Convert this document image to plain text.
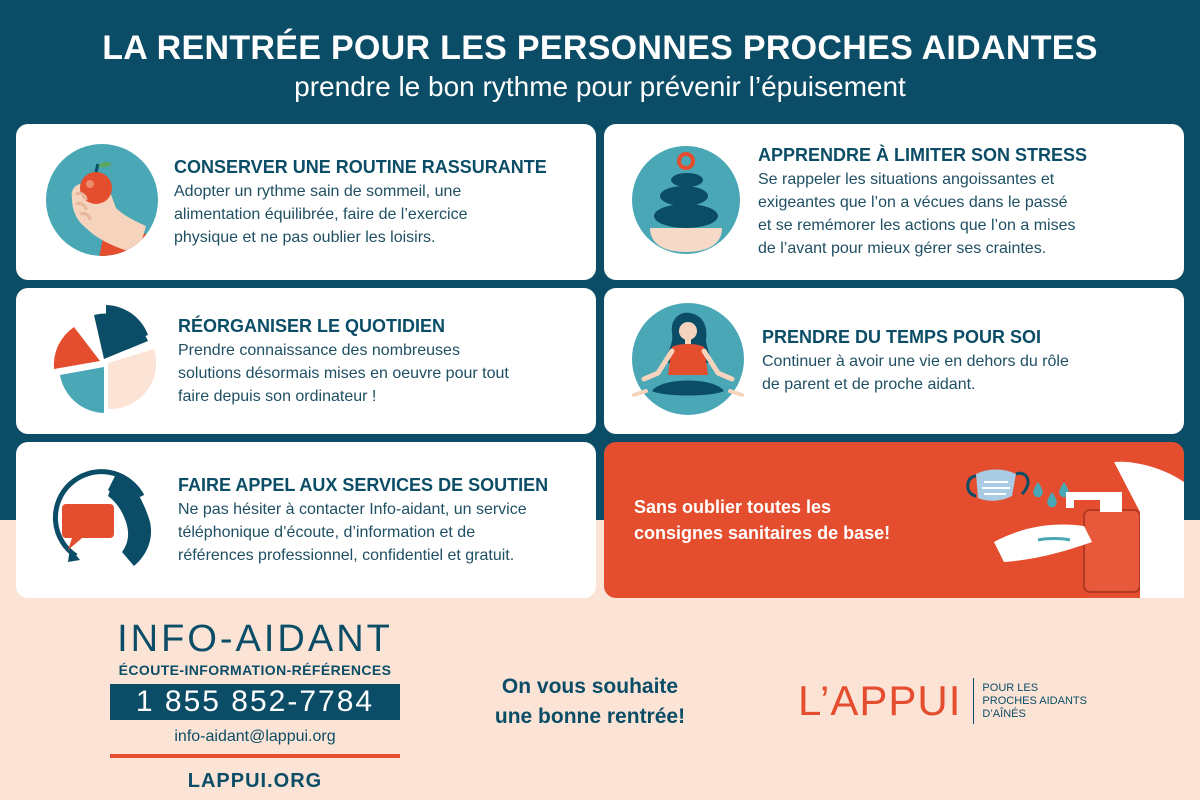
LA RENTRÉE POUR LES PERSONNES PROCHES AIDANTES
prendre le bon rythme pour prévenir l’épuisement
CONSERVER UNE ROUTINE RASSURANTE
Adopter un rythme sain de sommeil, une
alimentation équilibrée, faire de l’exercice
physique et ne pas oublier les loisirs.
APPRENDRE À LIMITER SON STRESS
Se rappeler les situations angoissantes et
exigeantes que l’on a vécues dans le passé
et se remémorer les actions que l’on a mises
de l’avant pour mieux gérer ses craintes.
RÉORGANISER LE QUOTIDIEN
Prendre connaissance des nombreuses
solutions désormais mises en oeuvre pour tout
faire depuis son ordinateur !
PRENDRE DU TEMPS POUR SOI
Continuer à avoir une vie en dehors du rôle
de parent et de proche aidant.
FAIRE APPEL AUX SERVICES DE SOUTIEN
Ne pas hésiter à contacter Info-aidant, un service
téléphonique d’écoute, d’information et de
références professionnel, confidentiel et gratuit.
Sans oublier toutes les
consignes sanitaires de base!
INFO-AIDANT
ÉCOUTE-INFORMATION-RÉFÉRENCES
1 855 852-7784
info-aidant@lappui.org
LAPPUI.ORG
On vous souhaite
une bonne rentrée!	L’APPUI POUR LES
PROCHES AIDANTS
D’AÎNÉS
